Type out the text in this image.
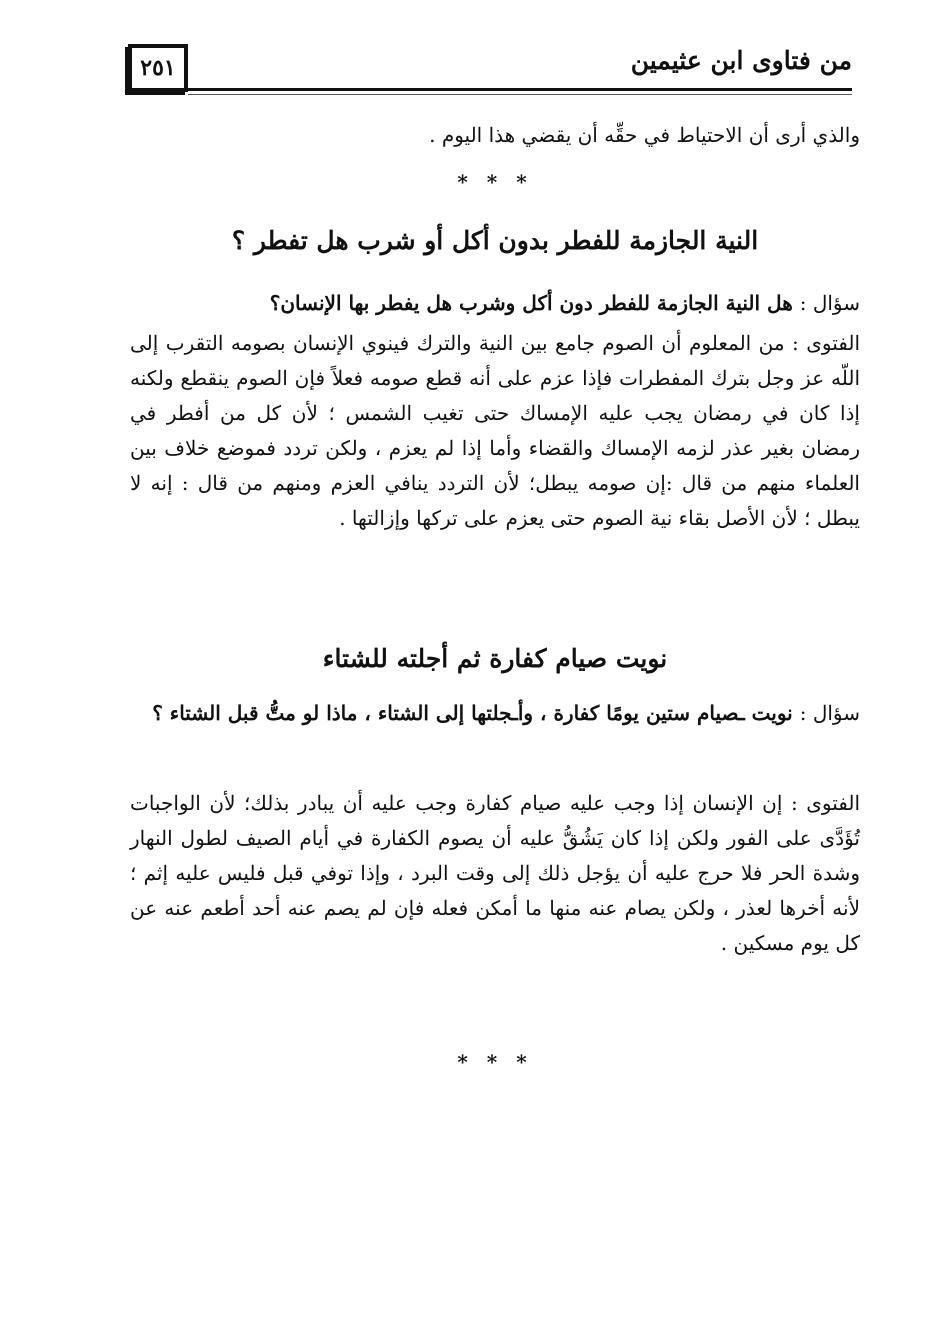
من فتاوى ابن عثيمين
٢٥١

والذي أرى أن الاحتياط في حقِّه أن يقضي هذا اليوم .

* * *

النية الجازمة للفطر بدون أكل أو شرب هل تفطر ؟

سؤال : هل النية الجازمة للفطر دون أكل وشرب هل يفطر بها الإنسان؟

الفتوى : من المعلوم أن الصوم جامع بين النية والترك فينوي الإنسان بصومه التقرب إلى اللّه عز وجل بترك المفطرات فإذا عزم على أنه قطع صومه فعلاً فإن الصوم ينقطع ولكنه إذا كان في رمضان يجب عليه الإمساك حتى تغيب الشمس ؛ لأن كل من أفطر في رمضان بغير عذر لزمه الإمساك والقضاء وأما إذا لم يعزم ، ولكن تردد فموضع خلاف بين العلماء منهم من قال :إن صومه يبطل؛ لأن التردد ينافي العزم ومنهم من قال : إنه لا يبطل ؛ لأن الأصل بقاء نية الصوم حتى يعزم على تركها وإزالتها .

نويت صيام كفارة ثم أجلته للشتاء

سؤال : نويت ـصيام ستين يومًا كفارة ، وأـجلتها إلى الشتاء ، ماذا لو متُّ قبل الشتاء ؟

الفتوى : إن الإنسان إذا وجب عليه صيام كفارة وجب عليه أن يبادر بذلك؛ لأن الواجبات تُؤَدَّى على الفور ولكن إذا كان يَشُقُّ عليه أن يصوم الكفارة في أيام الصيف لطول النهار وشدة الحر فلا حرج عليه أن يؤجل ذلك إلى وقت البرد ، وإذا توفي قبل فليس عليه إثم ؛ لأنه أخرها لعذر ، ولكن يصام عنه منها ما أمكن فعله فإن لم يصم عنه أحد أطعم عنه عن كل يوم مسكين .

* * *
